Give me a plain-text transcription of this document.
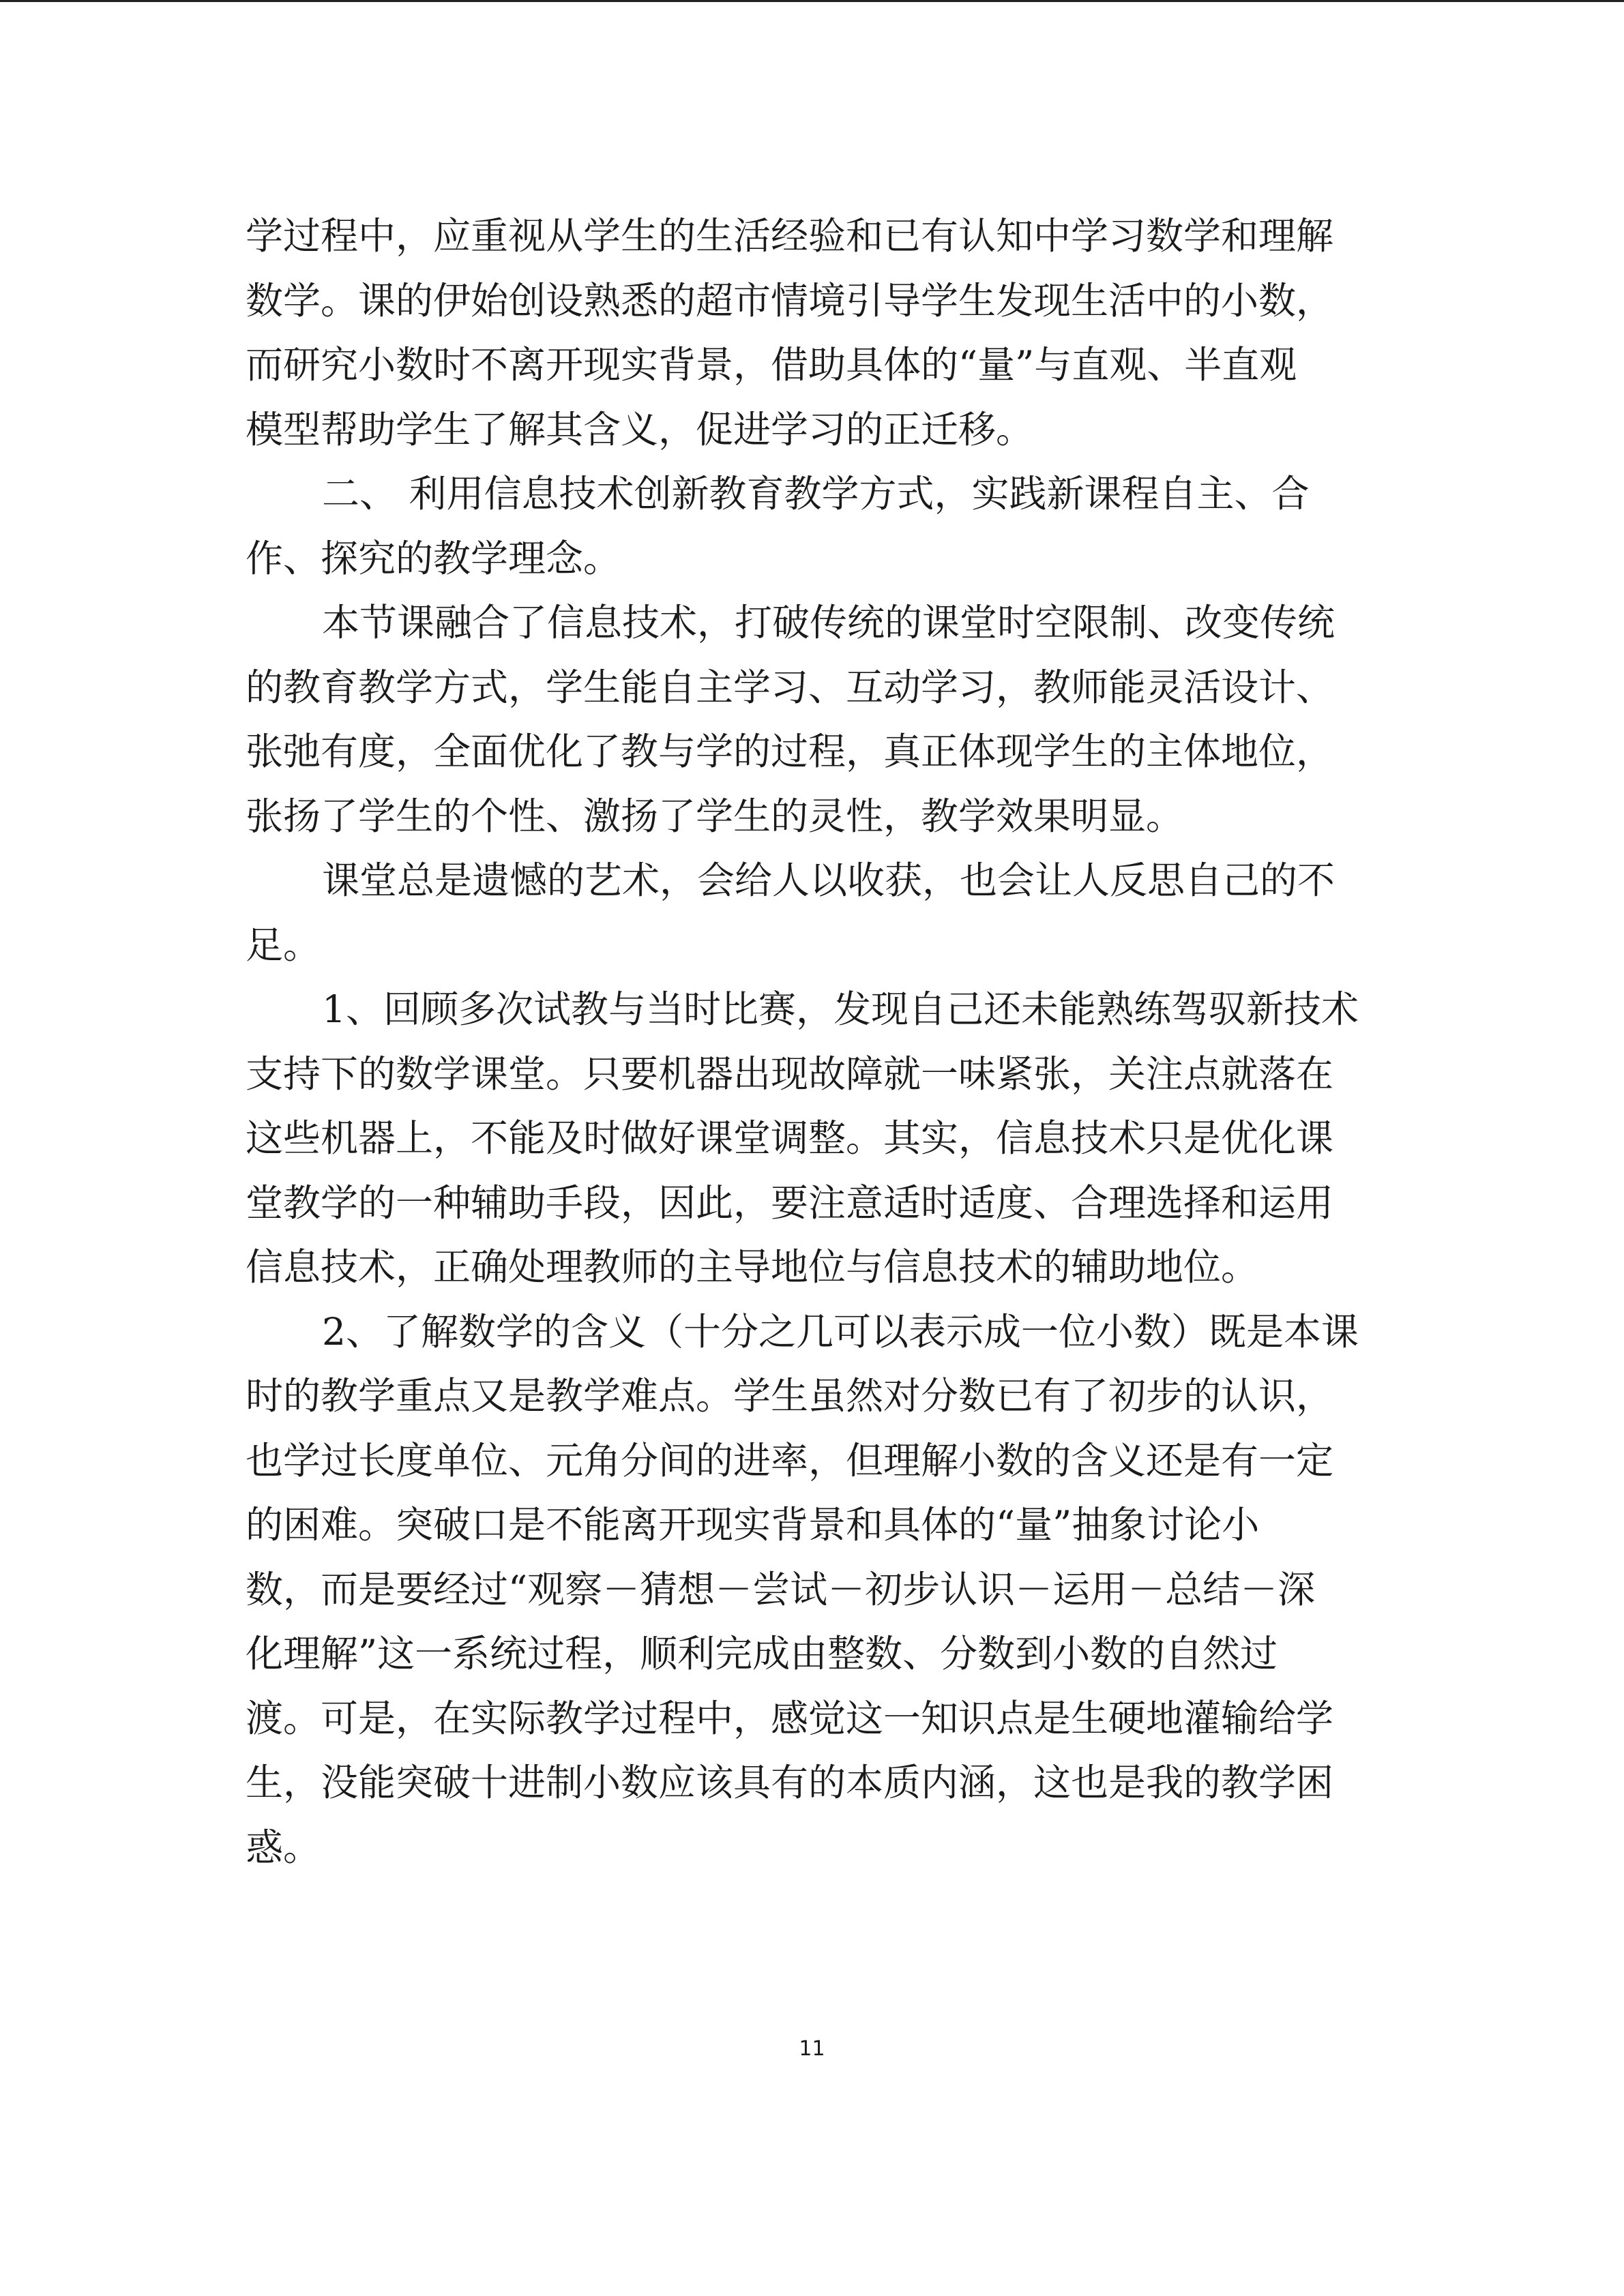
学过程中，应重视从学生的生活经验和已有认知中学习数学和理解
数学。课的伊始创设熟悉的超市情境引导学生发现生活中的小数，
而研究小数时不离开现实背景，借助具体的“量”与直观、半直观
模型帮助学生了解其含义，促进学习的正迁移。
二、 利用信息技术创新教育教学方式，实践新课程自主、合
作、探究的教学理念。
本节课融合了信息技术，打破传统的课堂时空限制、改变传统
的教育教学方式，学生能自主学习、互动学习，教师能灵活设计、
张弛有度，全面优化了教与学的过程，真正体现学生的主体地位，
张扬了学生的个性、激扬了学生的灵性，教学效果明显。
课堂总是遗憾的艺术，会给人以收获，也会让人反思自己的不
足。
1、回顾多次试教与当时比赛，发现自己还未能熟练驾驭新技术
支持下的数学课堂。只要机器出现故障就一味紧张，关注点就落在
这些机器上，不能及时做好课堂调整。其实，信息技术只是优化课
堂教学的一种辅助手段，因此，要注意适时适度、合理选择和运用
信息技术，正确处理教师的主导地位与信息技术的辅助地位。
2、了解数学的含义（十分之几可以表示成一位小数）既是本课
时的教学重点又是教学难点。学生虽然对分数已有了初步的认识，
也学过长度单位、元角分间的进率，但理解小数的含义还是有一定
的困难。突破口是不能离开现实背景和具体的“量”抽象讨论小
数，而是要经过“观察－猜想－尝试－初步认识－运用－总结－深
化理解”这一系统过程，顺利完成由整数、分数到小数的自然过
渡。可是，在实际教学过程中，感觉这一知识点是生硬地灌输给学
生，没能突破十进制小数应该具有的本质内涵，这也是我的教学困
惑。
11
